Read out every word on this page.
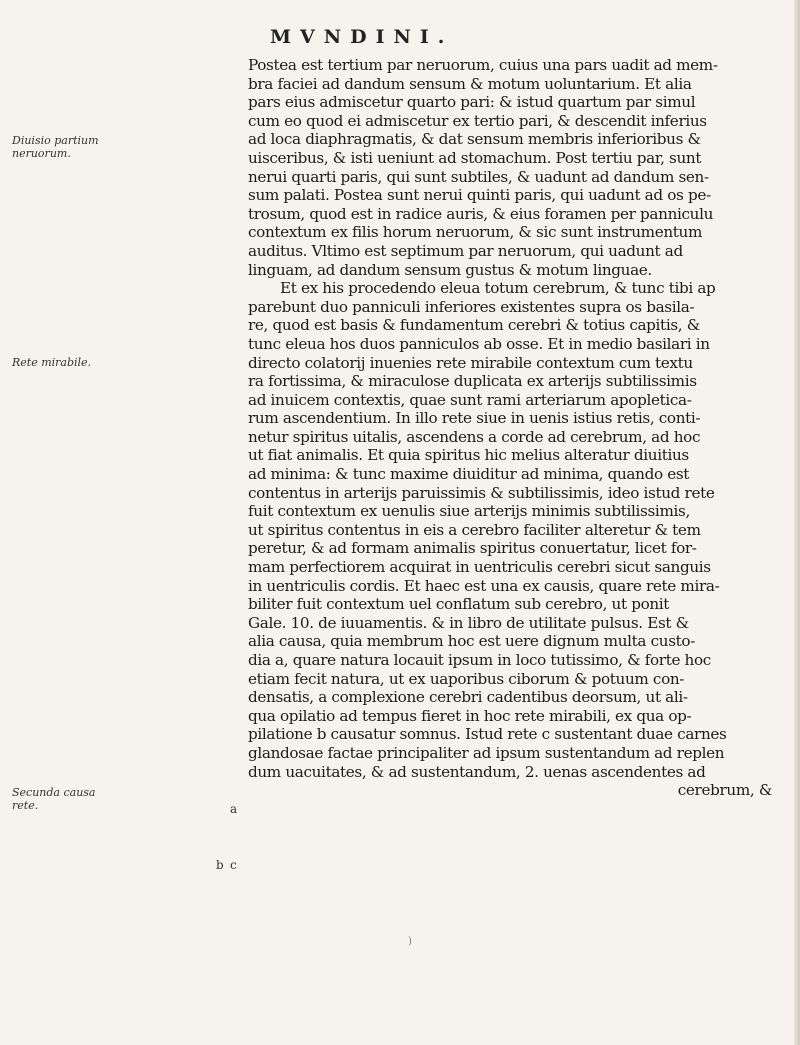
MVNDINI.
Diuisio partium neruorum.
Rete mirabile.
Secunda causa rete.	a
b c
Postea est tertium par neruorum, cuius una pars uadit ad mem-
bra faciei ad dandum sensum & motum uoluntarium. Et alia
pars eius admiscetur quarto pari: & istud quartum par simul
cum eo quod ei admiscetur ex tertio pari, & descendit inferius
ad loca diaphragmatis, & dat sensum membris inferioribus &
uisceribus, & isti ueniunt ad stomachum. Post tertiu par, sunt
nerui quarti paris, qui sunt subtiles, & uadunt ad dandum sen-
sum palati. Postea sunt nerui quinti paris, qui uadunt ad os pe-
trosum, quod est in radice auris, & eius foramen per panniculu
contextum ex filis horum neruorum, & sic sunt instrumentum
auditus. Vltimo est septimum par neruorum, qui uadunt ad
linguam, ad dandum sensum gustus & motum linguae.
Et ex his procedendo eleua totum cerebrum, & tunc tibi ap
parebunt duo panniculi inferiores existentes supra os basila-
re, quod est basis & fundamentum cerebri & totius capitis, &
tunc eleua hos duos panniculos ab osse. Et in medio basilari in
directo colatorij inuenies rete mirabile contextum cum textu
ra fortissima, & miraculose duplicata ex arterijs subtilissimis
ad inuicem contextis, quae sunt rami arteriarum apopletica-
rum ascendentium. In illo rete siue in uenis istius retis, conti-
netur spiritus uitalis, ascendens a corde ad cerebrum, ad hoc
ut fiat animalis. Et quia spiritus hic melius alteratur diuitius
ad minima: & tunc maxime diuiditur ad minima, quando est
contentus in arterijs paruissimis & subtilissimis, ideo istud rete
fuit contextum ex uenulis siue arterijs minimis subtilissimis,
ut spiritus contentus in eis a cerebro faciliter alteretur & tem
peretur, & ad formam animalis spiritus conuertatur, licet for-
mam perfectiorem acquirat in uentriculis cerebri sicut sanguis
in uentriculis cordis. Et haec est una ex causis, quare rete mira-
biliter fuit contextum uel conflatum sub cerebro, ut ponit
Gale. 10. de iuuamentis. & in libro de utilitate pulsus. Est &
alia causa, quia membrum hoc est uere dignum multa custo-
dia a, quare natura locauit ipsum in loco tutissimo, & forte hoc
etiam fecit natura, ut ex uaporibus ciborum & potuum con-
densatis, a complexione cerebri cadentibus deorsum, ut ali-
qua opilatio ad tempus fieret in hoc rete mirabili, ex qua op-
pilatione b causatur somnus. Istud rete c sustentant duae carnes
glandosae factae principaliter ad ipsum sustentandum ad replen
dum uacuitates, & ad sustentandum, 2. uenas ascendentes ad
cerebrum, &
)
